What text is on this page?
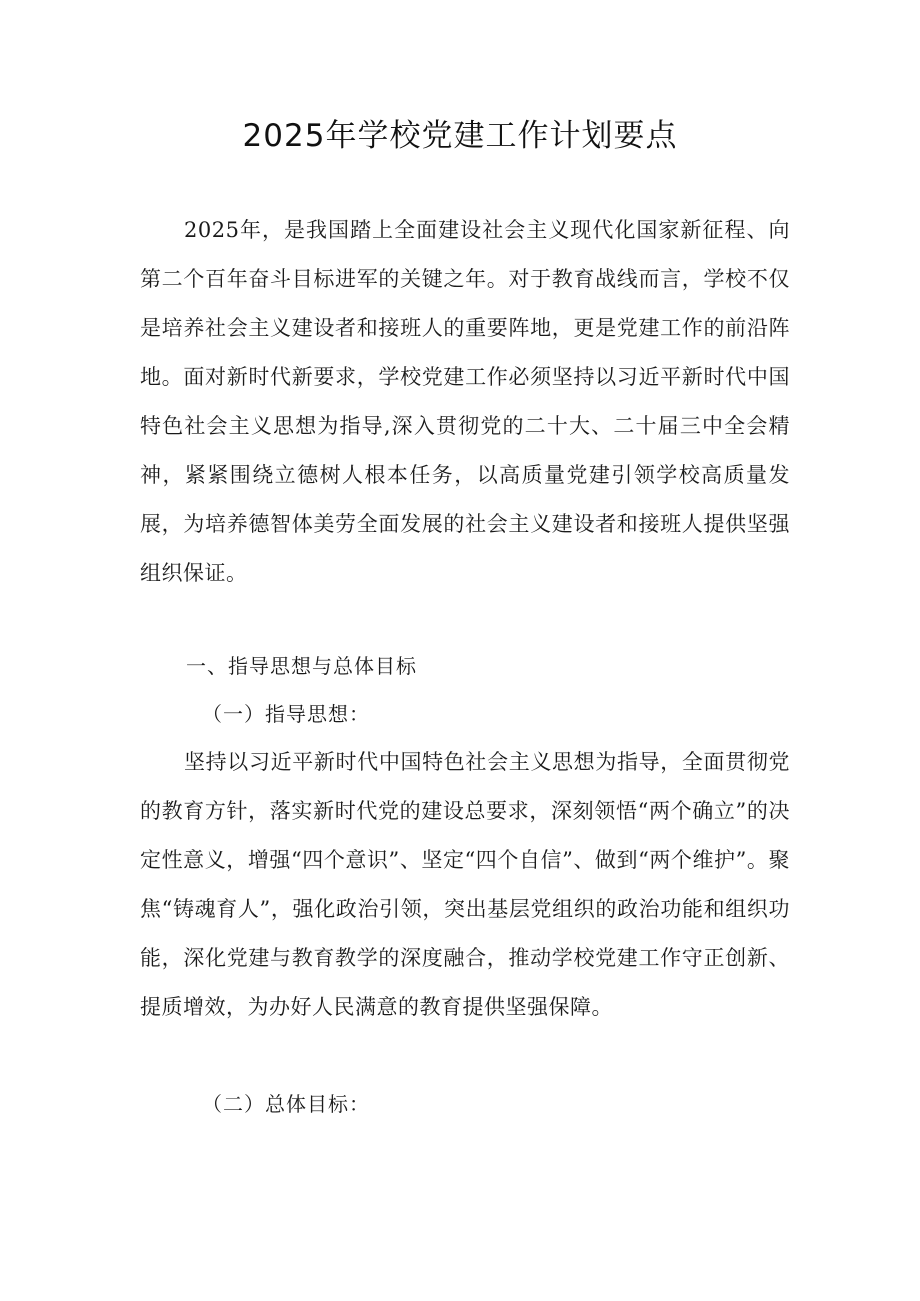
2025年学校党建工作计划要点

2025年，是我国踏上全面建设社会主义现代化国家新征程、向第二个百年奋斗目标进军的关键之年。对于教育战线而言，学校不仅是培养社会主义建设者和接班人的重要阵地，更是党建工作的前沿阵地。面对新时代新要求，学校党建工作必须坚持以习近平新时代中国特色社会主义思想为指导,深入贯彻党的二十大、二十届三中全会精神，紧紧围绕立德树人根本任务，以高质量党建引领学校高质量发展，为培养德智体美劳全面发展的社会主义建设者和接班人提供坚强组织保证。

一、指导思想与总体目标
（一）指导思想：

坚持以习近平新时代中国特色社会主义思想为指导，全面贯彻党的教育方针，落实新时代党的建设总要求，深刻领悟“两个确立”的决定性意义，增强“四个意识”、坚定“四个自信”、做到“两个维护”。聚焦“铸魂育人”，强化政治引领，突出基层党组织的政治功能和组织功能，深化党建与教育教学的深度融合，推动学校党建工作守正创新、提质增效，为办好人民满意的教育提供坚强保障。

（二）总体目标：
